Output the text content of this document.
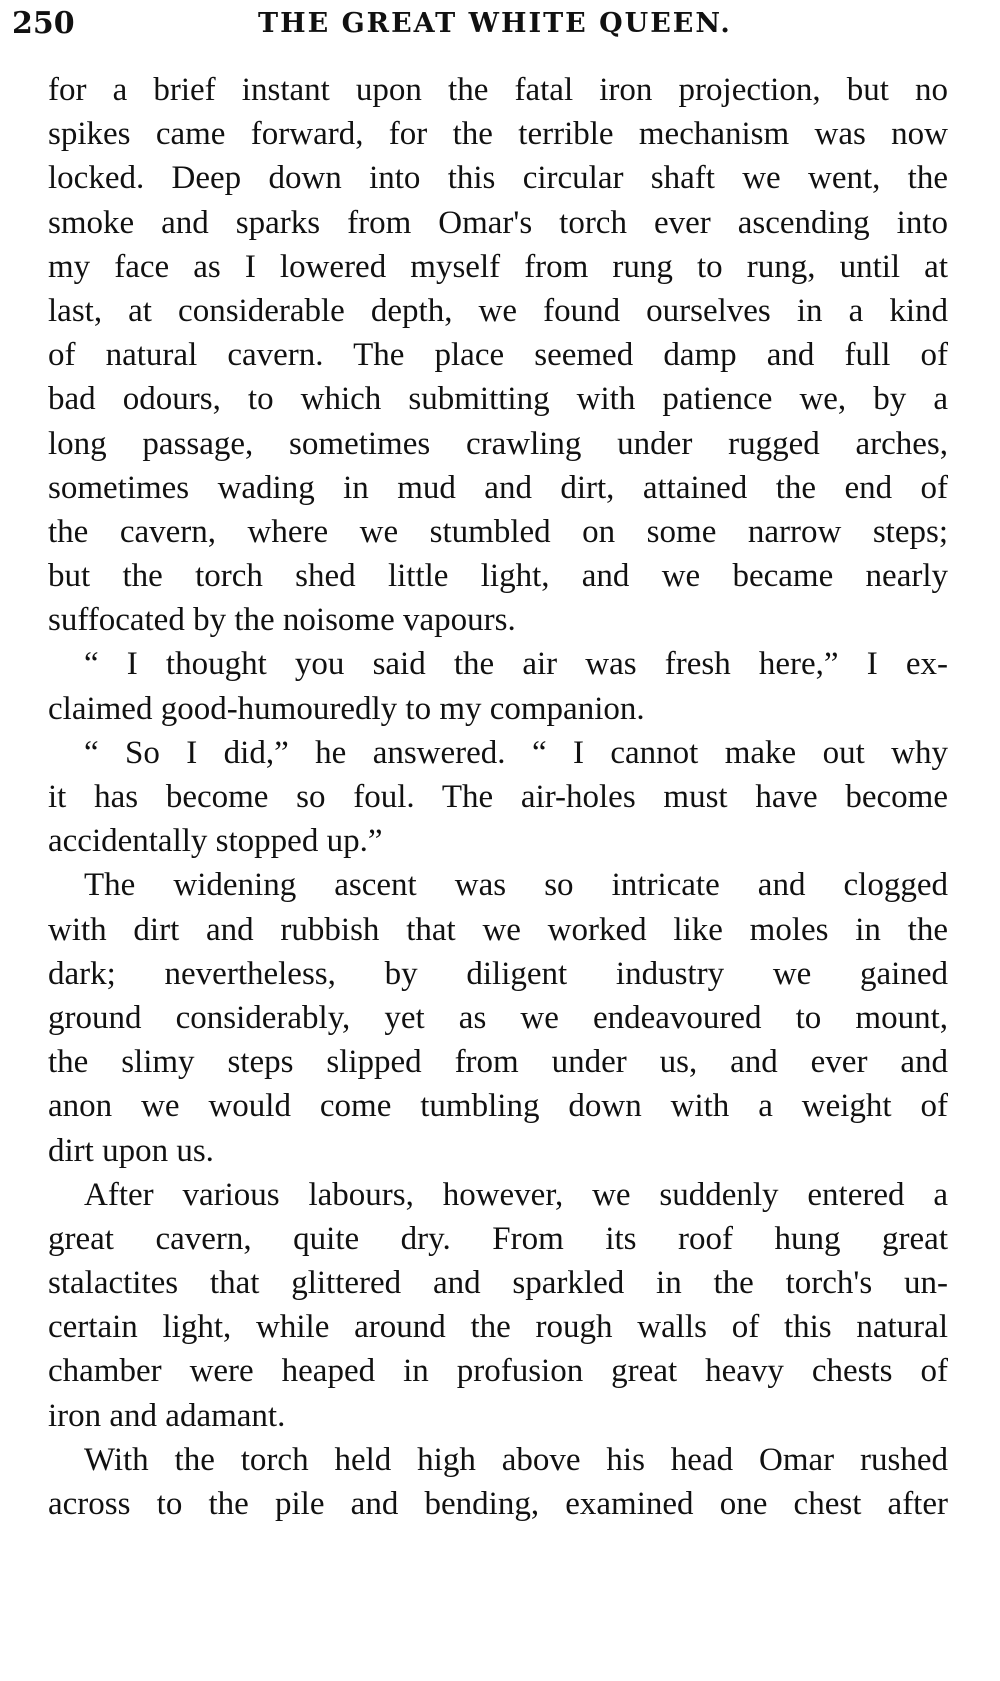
250	THE GREAT WHITE QUEEN.
for a brief instant upon the fatal iron projection, but no
spikes came forward, for the terrible mechanism was now
locked. Deep down into this circular shaft we went, the
smoke and sparks from Omar's torch ever ascending into
my face as I lowered myself from rung to rung, until at
last, at considerable depth, we found ourselves in a kind
of natural cavern. The place seemed damp and full of
bad odours, to which submitting with patience we, by a
long passage, sometimes crawling under rugged arches,
sometimes wading in mud and dirt, attained the end of
the cavern, where we stumbled on some narrow steps;
but the torch shed little light, and we became nearly
suffocated by the noisome vapours.
“ I thought you said the air was fresh here,” I ex-
claimed good-humouredly to my companion.
“ So I did,” he answered. “ I cannot make out why
it has become so foul. The air-holes must have become
accidentally stopped up.”
The widening ascent was so intricate and clogged
with dirt and rubbish that we worked like moles in the
dark; nevertheless, by diligent industry we gained
ground considerably, yet as we endeavoured to mount,
the slimy steps slipped from under us, and ever and
anon we would come tumbling down with a weight of
dirt upon us.
After various labours, however, we suddenly entered a
great cavern, quite dry. From its roof hung great
stalactites that glittered and sparkled in the torch's un-
certain light, while around the rough walls of this natural
chamber were heaped in profusion great heavy chests of
iron and adamant.
With the torch held high above his head Omar rushed
across to the pile and bending, examined one chest after
